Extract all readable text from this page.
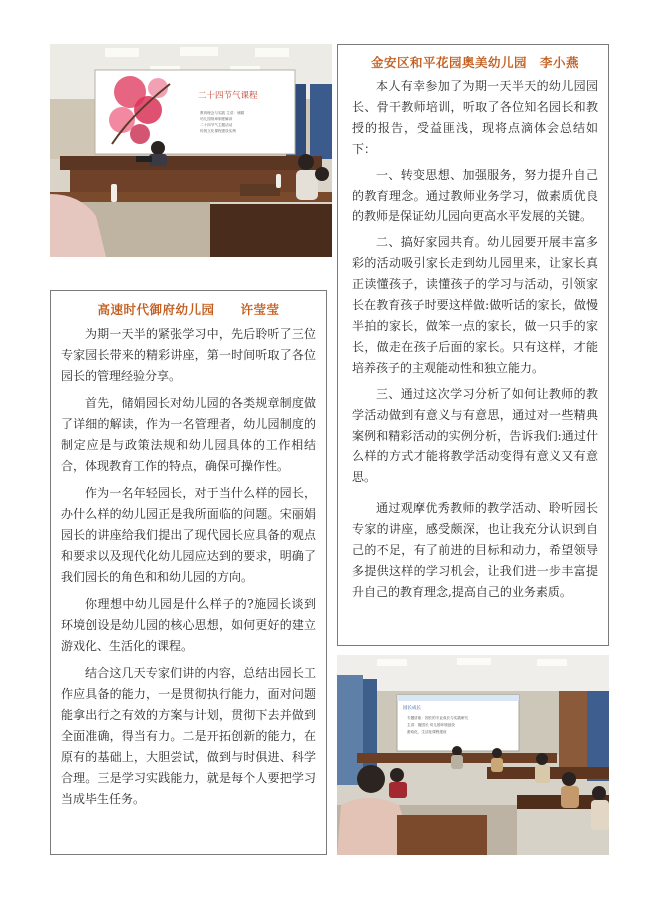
二十四节气课程
教育理念与实践 主讲：储娟
幼儿园规章制度解读
二十四节气主题活动
传统文化课程建设实例
金安区和平花园奥美幼儿园　李小燕

本人有幸参加了为期一天半天的幼儿园园长、骨干教师培训，听取了各位知名园长和教授的报告，受益匪浅，现将点滴体会总结如下：

一、转变思想、加强服务，努力提升自己的教育理念。通过教师业务学习，做素质优良的教师是保证幼儿园向更高水平发展的关键。

二、搞好家园共育。幼儿园要开展丰富多彩的活动吸引家长走到幼儿园里来，让家长真正读懂孩子，读懂孩子的学习与活动，引领家长在教育孩子时要这样做:做听话的家长，做慢半拍的家长，做笨一点的家长，做一只手的家长，做走在孩子后面的家长。只有这样，才能培养孩子的主观能动性和独立能力。

三、通过这次学习分析了如何让教师的教学活动做到有意义与有意思，通过对一些精典案例和精彩活动的实例分析，告诉我们:通过什么样的方式才能将教学活动变得有意义又有意思。

通过观摩优秀教师的教学活动、聆听园长专家的讲座，感受颇深，也让我充分认识到自己的不足，有了前进的目标和动力，希望领导多提供这样的学习机会，让我们进一步丰富提升自己的教育理念,提高自己的业务素质。

高速时代御府幼儿园　　许莹莹

为期一天半的紧张学习中，先后聆听了三位专家园长带来的精彩讲座，第一时间听取了各位园长的管理经验分享。

首先，储娟园长对幼儿园的各类规章制度做了详细的解读，作为一名管理者，幼儿园制度的制定应是与政策法规和幼儿园具体的工作相结合，体现教育工作的特点，确保可操作性。

作为一名年轻园长，对于当什么样的园长，办什么样的幼儿园正是我所面临的问题。宋丽娟园长的讲座给我们提出了现代园长应具备的观点和要求以及现代化幼儿园应达到的要求，明确了我们园长的角色和和幼儿园的方向。

你理想中幼儿园是什么样子的?施园长谈到环境创设是幼儿园的核心思想，如何更好的建立游戏化、生活化的课程。

结合这几天专家们讲的内容，总结出园长工作应具备的能力，一是贯彻执行能力，面对问题能拿出行之有效的方案与计划，贯彻下去并做到全面准确，得当有力。二是开拓创新的能力，在原有的基础上，大胆尝试，做到与时俱进、科学合理。三是学习实践能力，就是每个人要把学习当成毕生任务。

园长成长
专题讲座：园长的专业成长与实践研究
主讲：施园长 幼儿园环境创设
游戏化、生活化课程建设
